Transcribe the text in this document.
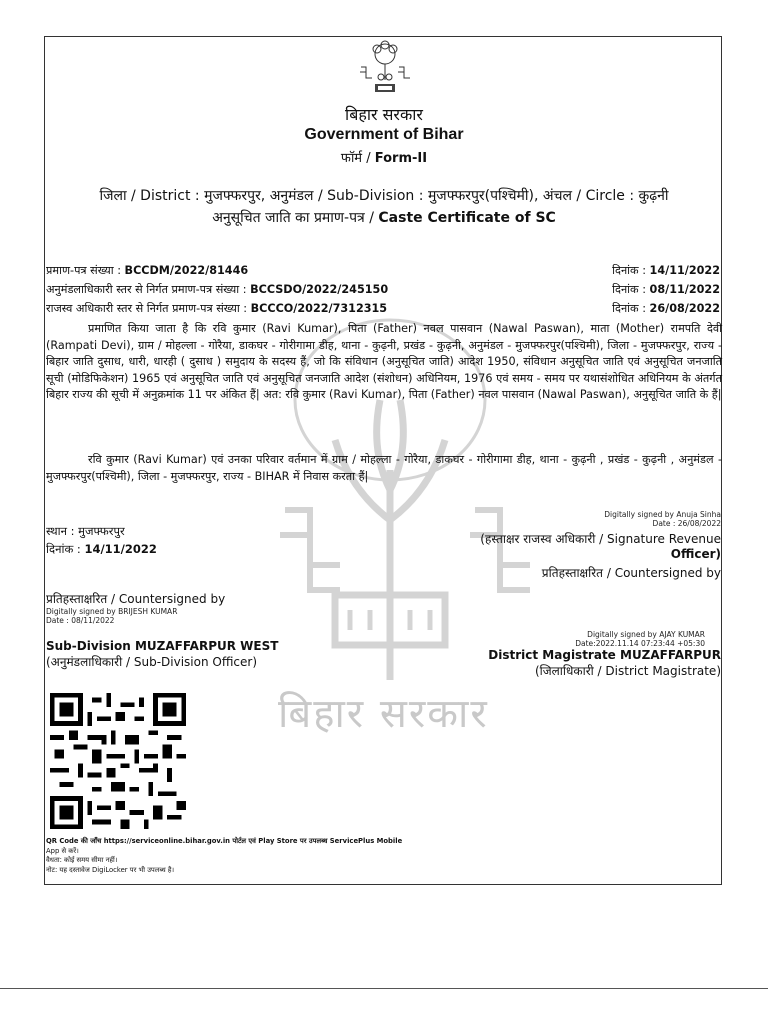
बिहार सरकार
बिहार सरकार
Government of Bihar
फॉर्म / Form-II
जिला / District : मुजफ्फरपुर, अनुमंडल / Sub-Division : मुजफ्फरपुर(पश्चिमी), अंचल / Circle : कुढ़नी
अनुसूचित जाति का प्रमाण-पत्र / Caste Certificate of SC
प्रमाण-पत्र संख्या : BCCDM/2022/81446	दिनांक : 14/11/2022
अनुमंडलाधिकारी स्तर से निर्गत प्रमाण-पत्र संख्या : BCCSDO/2022/245150	दिनांक : 08/11/2022
राजस्व अधिकारी स्तर से निर्गत प्रमाण-पत्र संख्या : BCCCO/2022/7312315	दिनांक : 26/08/2022
प्रमाणित किया जाता है कि रवि कुमार (Ravi Kumar), पिता (Father) नवल पासवान (Nawal Paswan), माता (Mother) रामपति देवी (Rampati Devi), ग्राम / मोहल्ला - गोरैया, डाकघर - गोरीगामा डीह, थाना - कुढ़नी, प्रखंड - कुढ़नी, अनुमंडल - मुजफ्फरपुर(पश्चिमी), जिला - मुजफ्फरपुर, राज्य - बिहार जाति दुसाध, धारी, धारही ( दुसाध ) समुदाय के सदस्य हैं, जो कि संविधान (अनुसूचित जाति) आदेश 1950, संविधान अनुसूचित जाति एवं अनुसूचित जनजाति सूची (मोडिफिकेशन) 1965 एवं अनुसूचित जाति एवं अनुसूचित जनजाति आदेश (संशोधन) अधिनियम, 1976 एवं समय - समय पर यथासंशोधित अधिनियम के अंतर्गत बिहार राज्य की सूची में अनुक्रमांक 11 पर अंकित हैं| अत: रवि कुमार (Ravi Kumar), पिता (Father) नवल पासवान (Nawal Paswan), अनुसूचित जाति के हैं|
रवि कुमार (Ravi Kumar) एवं उनका परिवार वर्तमान में ग्राम / मोहल्ला - गोरैया, डाकघर - गोरीगामा डीह, थाना - कुढ़नी , प्रखंड - कुढ़नी , अनुमंडल - मुजफ्फरपुर(पश्चिमी), जिला - मुजफ्फरपुर, राज्य - BIHAR में निवास करता हैं|
स्थान : मुजफ्फरपुर
दिनांक : 14/11/2022
Digitally signed by Anuja Sinha
Date : 26/08/2022
(हस्ताक्षर राजस्व अधिकारी / Signature Revenue
Officer)
प्रतिहस्ताक्षरित / Countersigned by
प्रतिहस्ताक्षरित / Countersigned by
Digitally signed by BRIJESH KUMAR
Date : 08/11/2022
Sub-Division MUZAFFARPUR WEST
(अनुमंडलाधिकारी / Sub-Division Officer)
Digitally signed by AJAY KUMAR
Date:2022.11.14 07:23:44 +05:30
District Magistrate MUZAFFARPUR
(जिलाधिकारी / District Magistrate)
QR Code की जाँच https://serviceonline.bihar.gov.in पोर्टल एवं Play Store पर उपलब्ध ServicePlus Mobile
App से करें।
वैधता: कोई समय सीमा नहीं।
नोट: यह दस्तावेज DigiLocker पर भी उपलब्ध है।
